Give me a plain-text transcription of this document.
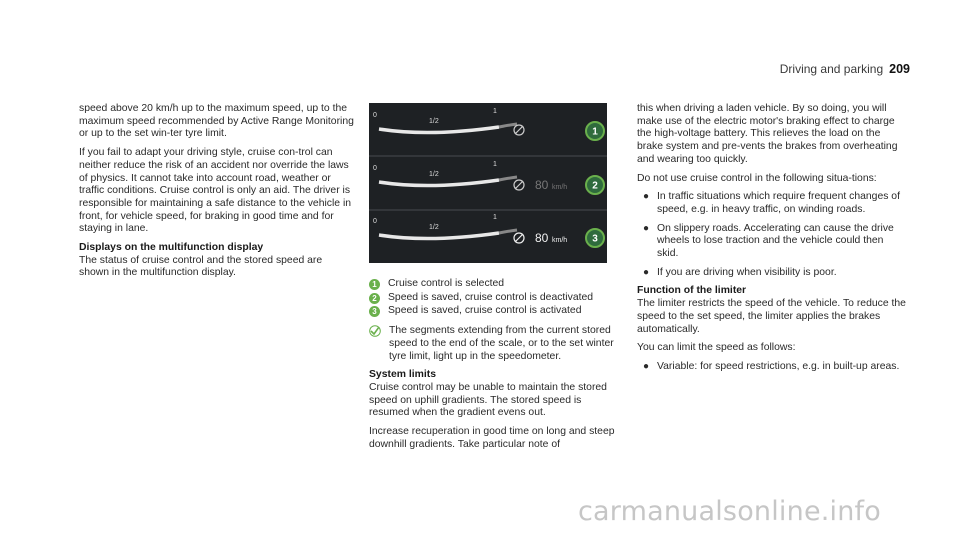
Driving and parking 209

speed above 20 km/h up to the maximum speed, up to the maximum speed recommended by Active Range Monitoring or up to the set win-ter tyre limit.

If you fail to adapt your driving style, cruise con-trol can neither reduce the risk of an accident nor override the laws of physics. It cannot take into account road, weather or traffic conditions. Cruise control is only an aid. The driver is responsible for maintaining a safe distance to the vehicle in front, for vehicle speed, for braking in good time and for staying in lane.

Displays on the multifunction display

The status of cruise control and the stored speed are shown in the multifunction display.

0
1/2
1
1
0
1/2
1
80 km/h	2
0
1/2
1
80 km/h	3
1	Cruise control is selected
2	Speed is saved, cruise control is deactivated
3	Speed is saved, cruise control is activated
The segments extending from the current stored speed to the end of the scale, or to the set winter tyre limit, light up in the speedometer.
System limits

Cruise control may be unable to maintain the stored speed on uphill gradients. The stored speed is resumed when the gradient evens out.

Increase recuperation in good time on long and steep downhill gradients. Take particular note of

this when driving a laden vehicle. By so doing, you will make use of the electric motor's braking effect to charge the high-voltage battery. This relieves the load on the brake system and pre-vents the brakes from overheating and wearing too quickly.

Do not use cruise control in the following situa-tions:

● In traffic situations which require frequent changes of speed, e.g. in heavy traffic, on winding roads.
● On slippery roads. Accelerating can cause the drive wheels to lose traction and the vehicle could then skid.
● If you are driving when visibility is poor.
Function of the limiter

The limiter restricts the speed of the vehicle. To reduce the speed to the set speed, the limiter applies the brakes automatically.

You can limit the speed as follows:

● Variable: for speed restrictions, e.g. in built-up areas.
carmanualsonline.info
